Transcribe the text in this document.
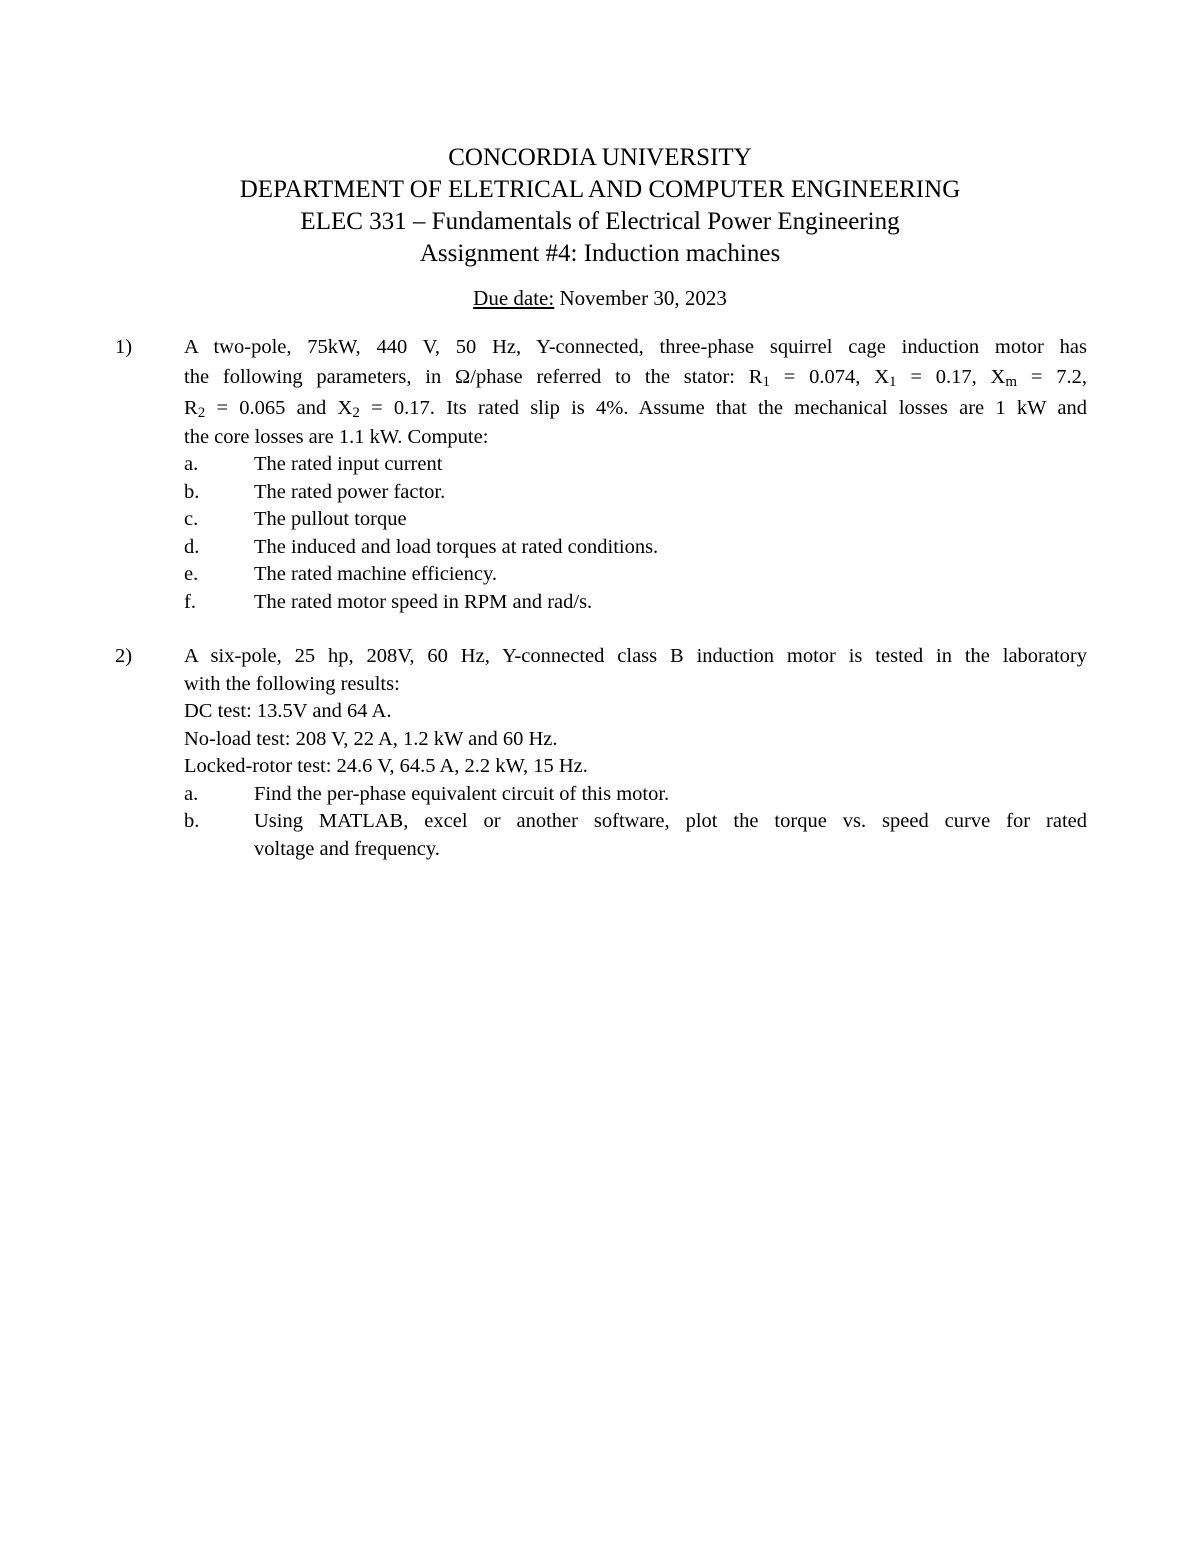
CONCORDIA UNIVERSITY
DEPARTMENT OF ELETRICAL AND COMPUTER ENGINEERING
ELEC 331 – Fundamentals of Electrical Power Engineering
Assignment #4: Induction machines
Due date: November 30, 2023
1)	A two-pole, 75kW, 440 V, 50 Hz, Y-connected, three-phase squirrel cage induction motor has
the following parameters, in Ω/phase referred to the stator: $R_1 = 0.074$, $X_1 = 0.17$, $X_m = 7.2$,
$R_2 = 0.065$ and $X_2 = 0.17$. Its rated slip is 4%. Assume that the mechanical losses are 1 kW and
the core losses are 1.1 kW. Compute:
a.	The rated input current
b.	The rated power factor.
c.	The pullout torque
d.	The induced and load torques at rated conditions.
e.	The rated machine efficiency.
f.	The rated motor speed in RPM and rad/s.
2)	A six-pole, 25 hp, 208V, 60 Hz, Y-connected class B induction motor is tested in the laboratory
with the following results:
DC test: 13.5V and 64 A.
No-load test: 208 V, 22 A, 1.2 kW and 60 Hz.
Locked-rotor test: 24.6 V, 64.5 A, 2.2 kW, 15 Hz.
a.	Find the per-phase equivalent circuit of this motor.
b.	Using MATLAB, excel or another software, plot the torque vs. speed curve for rated
voltage and frequency.
